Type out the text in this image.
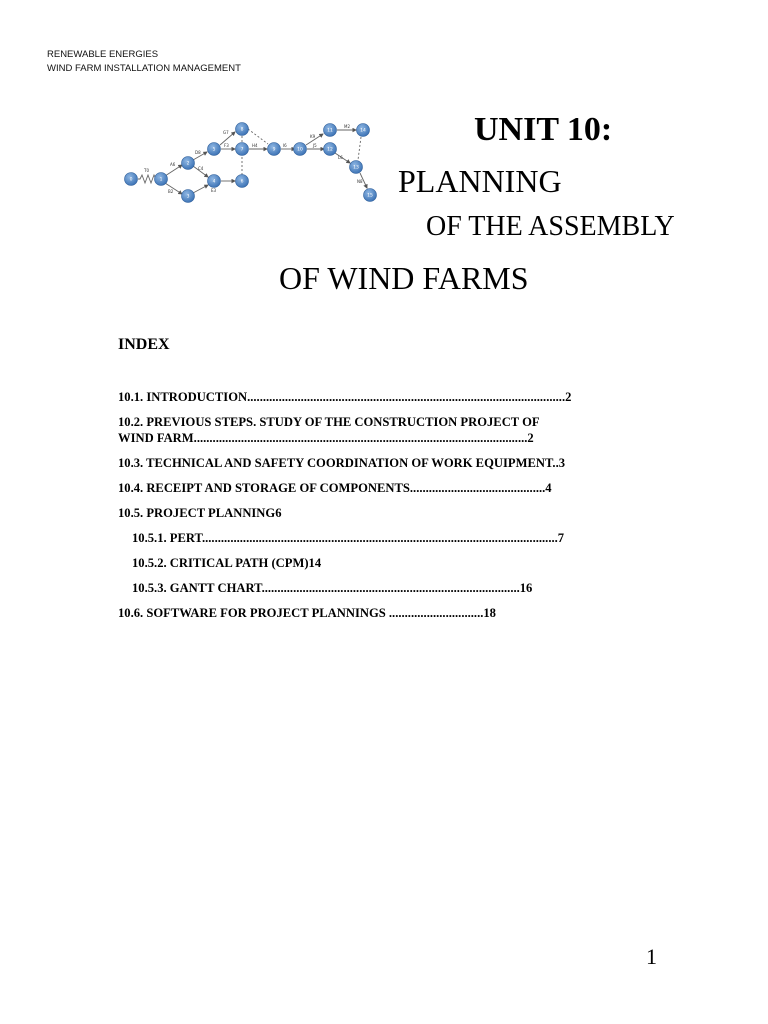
RENEWABLE ENERGIES
WIND FARM INSTALLATION MANAGEMENT
T0
A6
B2
C4
D8
E3
F3
G7
H4	I6
K9
J5
M2
L6
N8
0	1
2
3
4
5
6
7
8
9	10
11
12
13
14
15
UNIT 10:
PLANNING
OF THE ASSEMBLY
OF WIND FARMS
INDEX
10.1. INTRODUCTION.....................................................................................................2
10.2. PREVIOUS STEPS. STUDY OF THE CONSTRUCTION PROJECT OF
WIND FARM..........................................................................................................2
10.3. TECHNICAL AND SAFETY COORDINATION OF WORK EQUIPMENT..3
10.4. RECEIPT AND STORAGE OF COMPONENTS...........................................4
10.5. PROJECT PLANNING6
10.5.1. PERT.................................................................................................................7
10.5.2. CRITICAL PATH (CPM)14
10.5.3. GANTT CHART..................................................................................16
10.6. SOFTWARE FOR PROJECT PLANNINGS ..............................18
1
